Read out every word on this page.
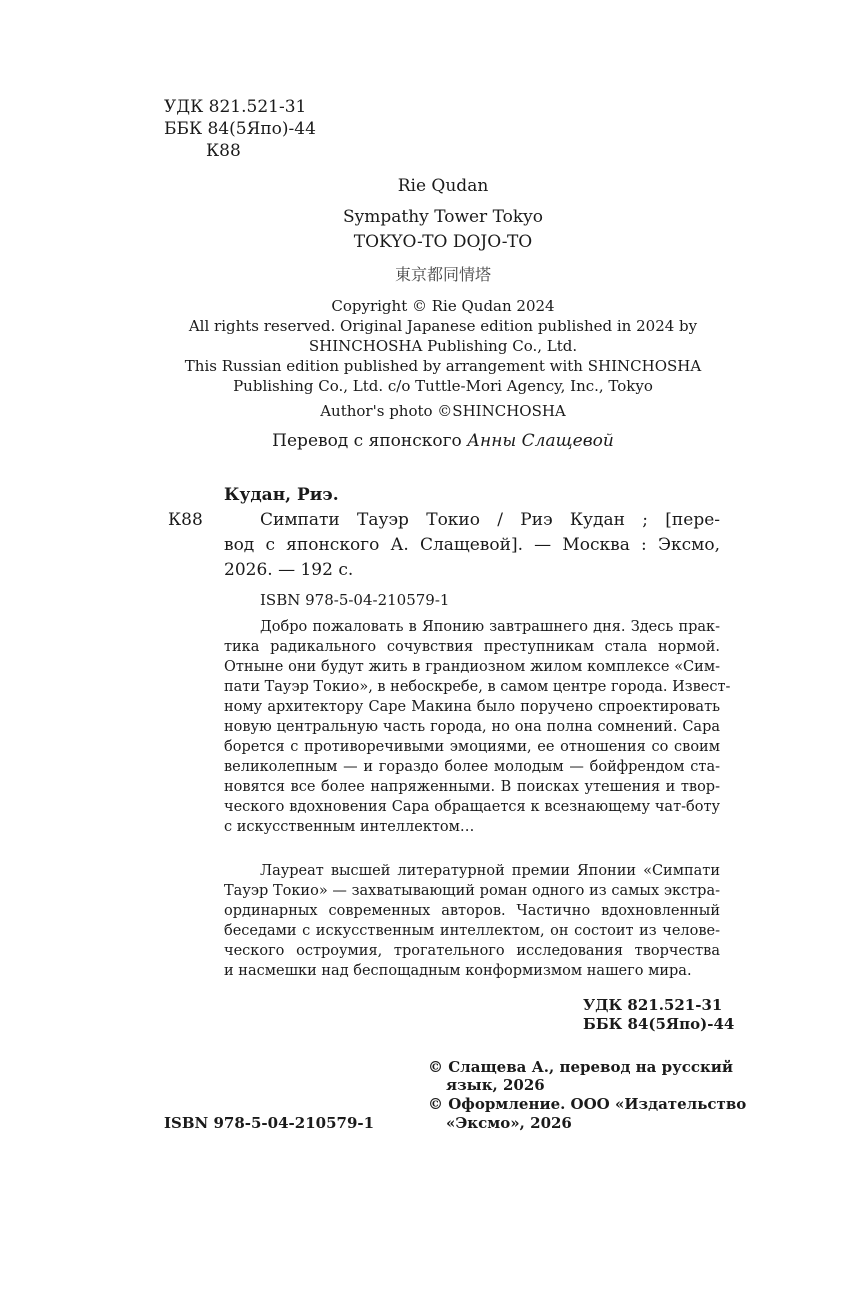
УДК 821.521-31
ББК 84(5Япо)-44
К88
Rie Qudan
Sympathy Tower Tokyo
TOKYO-TO DOJO-TO
東京都同情塔
Copyright © Rie Qudan 2024
All rights reserved. Original Japanese edition published in 2024 by
SHINCHOSHA Publishing Co., Ltd.
This Russian edition published by arrangement with SHINCHOSHA
Publishing Co., Ltd. c/o Tuttle-Mori Agency, Inc., Tokyo
Author's photo ©SHINCHOSHA
Перевод с японского Анны Слащевой
Кудан, Риэ.
К88	Симпати Тауэр Токио / Риэ Кудан ; [пере-
вод с японского А. Слащевой]. — Москва : Эксмо,
2026. — 192 с.
ISBN 978-5-04-210579-1
Добро пожаловать в Японию завтрашнего дня. Здесь прак-
тика радикального сочувствия преступникам стала нормой.
Отныне они будут жить в грандиозном жилом комплексе «Сим-
пати Тауэр Токио», в небоскребе, в самом центре города. Извест-
ному архитектору Саре Макина было поручено спроектировать
новую центральную часть города, но она полна сомнений. Сара
борется с противоречивыми эмоциями, ее отношения со своим
великолепным — и гораздо более молодым — бойфрендом ста-
новятся все более напряженными. В поисках утешения и твор-
ческого вдохновения Сара обращается к всезнающему чат-боту
с искусственным интеллектом…
Лауреат высшей литературной премии Японии «Симпати
Тауэр Токио» — захватывающий роман одного из самых экстра-
ординарных современных авторов. Частично вдохновленный
беседами с искусственным интеллектом, он состоит из челове-
ческого остроумия, трогательного исследования творчества
и насмешки над беспощадным конформизмом нашего мира.
УДК 821.521-31
ББК 84(5Япо)-44
© Слащева А., перевод на русский
язык, 2026
© Оформление. ООО «Издательство
«Эксмо», 2026
ISBN 978-5-04-210579-1
